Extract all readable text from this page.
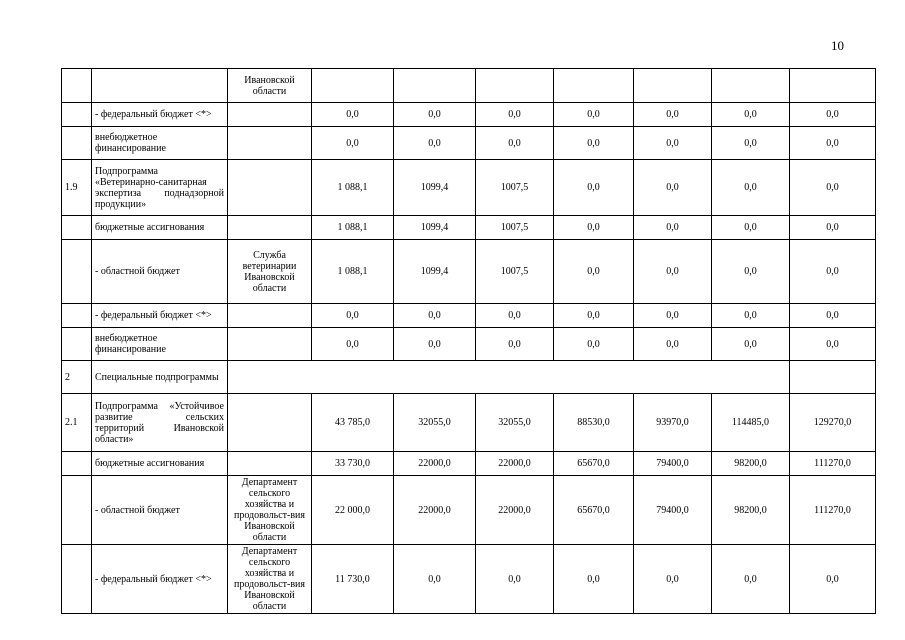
10
		Ивановской области							
	- федеральный бюджет <*>		0,0	0,0	0,0	0,0	0,0	0,0	0,0
	внебюджетное финансирование		0,0	0,0	0,0	0,0	0,0	0,0	0,0
1.9	Подпрограмма «Ветеринарно-санитарная экспертиза поднадзорной продукции»		1 088,1	1099,4	1007,5	0,0	0,0	0,0	0,0
	бюджетные ассигнования		1 088,1	1099,4	1007,5	0,0	0,0	0,0	0,0
	- областной бюджет	Служба ветеринарии Ивановской области	1 088,1	1099,4	1007,5	0,0	0,0	0,0	0,0
	- федеральный бюджет <*>		0,0	0,0	0,0	0,0	0,0	0,0	0,0
	внебюджетное финансирование		0,0	0,0	0,0	0,0	0,0	0,0	0,0
2	Специальные подпрограммы								
2.1	Подпрограмма «Устойчивое развитие сельских территорий Ивановской области»		43 785,0	32055,0	32055,0	88530,0	93970,0	114485,0	129270,0
	бюджетные ассигнования		33 730,0	22000,0	22000,0	65670,0	79400,0	98200,0	111270,0
	- областной бюджет	Департамент сельского хозяйства и продовольст-вия Ивановской области	22 000,0	22000,0	22000,0	65670,0	79400,0	98200,0	111270,0
	- федеральный бюджет <*>	Департамент сельского хозяйства и продовольст-вия Ивановской области	11 730,0	0,0	0,0	0,0	0,0	0,0	0,0
